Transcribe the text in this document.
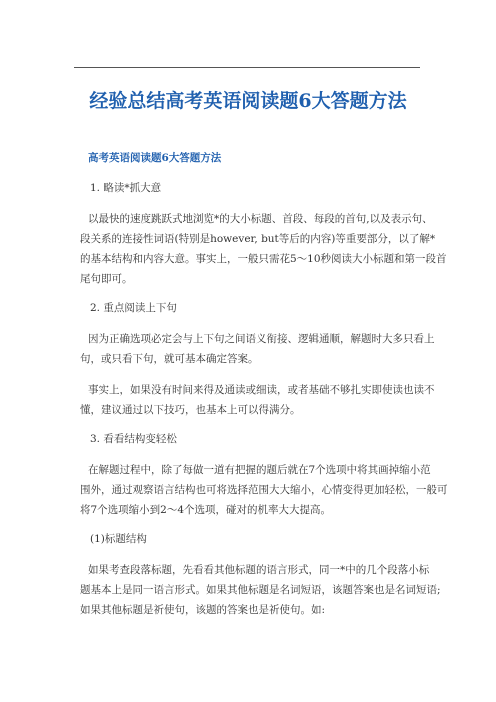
经验总结高考英语阅读题6大答题方法
高考英语阅读题6大答题方法
1. 略读*抓大意
以最快的速度跳跃式地浏览*的大小标题、首段、每段的首句,以及表示句、
段关系的连接性词语(特别是however, but等后的内容)等重要部分，以了解*
的基本结构和内容大意。事实上，一般只需花5～10秒阅读大小标题和第一段首
尾句即可。
2. 重点阅读上下句
因为正确选项必定会与上下句之间语义衔接、逻辑通顺，解题时大多只看上
句，或只看下句，就可基本确定答案。
事实上，如果没有时间来得及通读或细读，或者基础不够扎实即使读也读不
懂，建议通过以下技巧，也基本上可以得满分。
3. 看看结构变轻松
在解题过程中，除了每做一道有把握的题后就在7个选项中将其画掉缩小范
围外，通过观察语言结构也可将选择范围大大缩小，心情变得更加轻松，一般可
将7个选项缩小到2～4个选项，碰对的机率大大提高。
(1)标题结构
如果考查段落标题，先看看其他标题的语言形式，同一*中的几个段落小标
题基本上是同一语言形式。如果其他标题是名词短语，该题答案也是名词短语;
如果其他标题是祈使句，该题的答案也是祈使句。如:
